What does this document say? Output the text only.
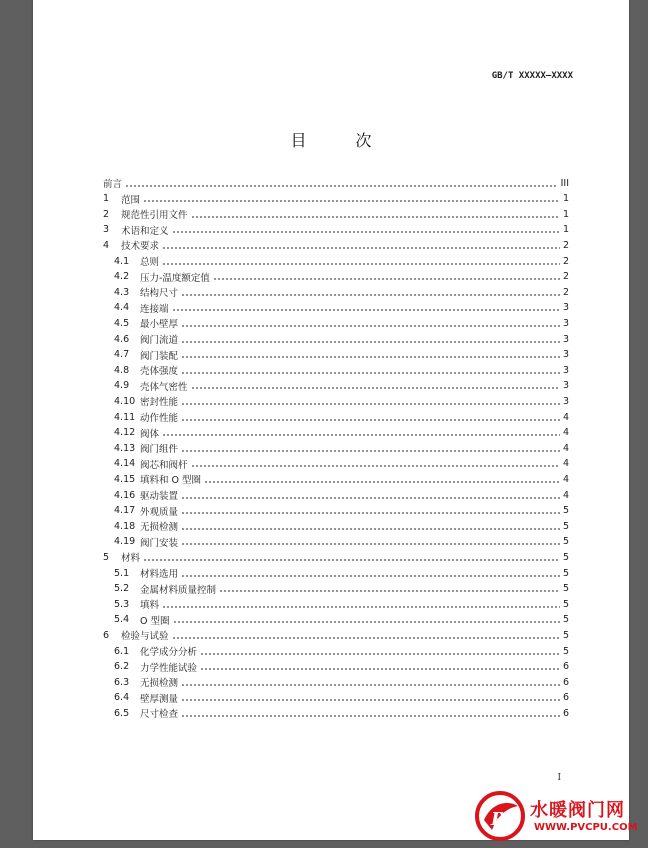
GB/T XXXXX—XXXX
目 次
前言	III
1	范围	1
2	规范性引用文件	1
3	术语和定义	1
4	技术要求	2
4.1	总则	2
4.2	压力-温度额定值	2
4.3	结构尺寸	2
4.4	连接端	3
4.5	最小壁厚	3
4.6	阀门流道	3
4.7	阀门装配	3
4.8	壳体强度	3
4.9	壳体气密性	3
4.10 密封性能	3
4.11 动作性能	4
4.12 阀体	4
4.13 阀门组件	4
4.14 阀芯和阀杆	4
4.15 填料和 O 型圈	4
4.16 驱动装置	4
4.17 外观质量	5
4.18 无损检测	5
4.19 阀门安装	5
5	材料	5
5.1	材料选用	5
5.2	金属材料质量控制	5
5.3	填料	5
5.4	O 型圈	5
6	检验与试验	5
6.1	化学成分分析	5
6.2	力学性能试验	6
6.3	无损检测	6
6.4	壁厚测量	6
6.5	尺寸检查	6
I
Pv 水暖阀门网
WWW.PVCPU.COM
